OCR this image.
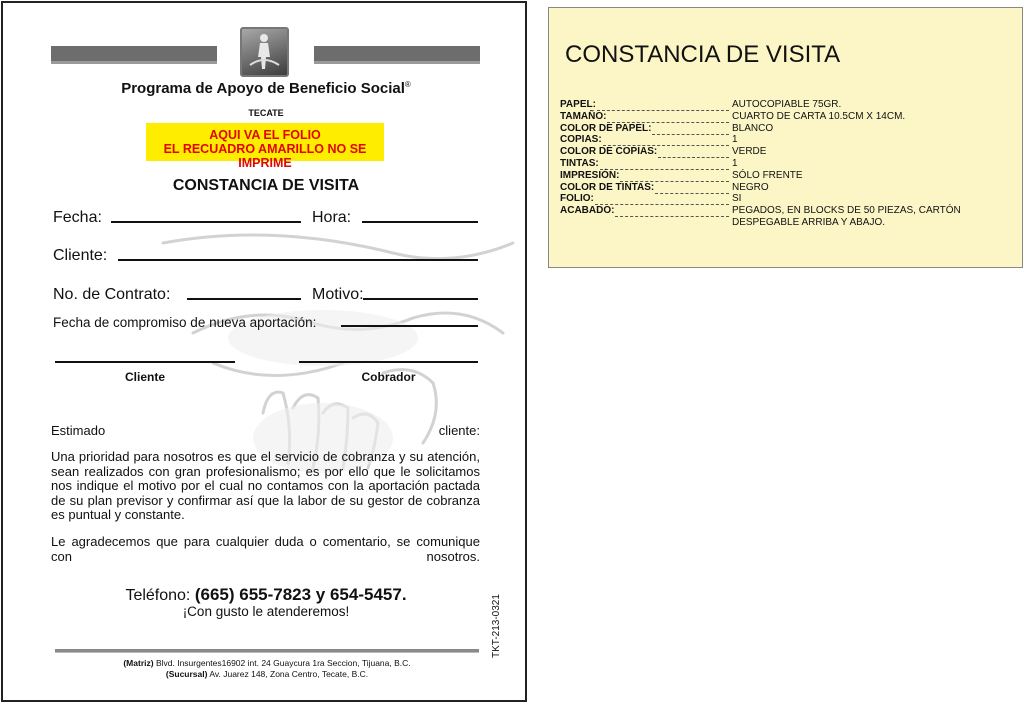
Programa de Apoyo de Beneficio Social®
TECATE
AQUI VA EL FOLIO
EL RECUADRO AMARILLO NO SE IMPRIME
CONSTANCIA DE VISITA
Fecha:	Hora:
Cliente:
No. de Contrato:	Motivo:
Fecha de compromiso de nueva aportación:
Cliente	Cobrador
Estimado	cliente:
Una prioridad para nosotros es que el servicio de cobranza y su atención, sean realizados con gran profesionalismo; es por ello que le solicitamos nos indique el motivo por el cual no contamos con la aportación pactada de su plan previsor y confirmar así que la labor de su gestor de cobranza es puntual y constante.
Le agradecemos que para cualquier duda o comentario, se comunique con nosotros.
Teléfono: (665) 655-7823 y 654-5457.
¡Con gusto le atenderemos!	TKT-213-0321
(Matriz) Blvd. Insurgentes16902 int. 24 Guaycura 1ra Seccion, Tijuana, B.C.
(Sucursal) Av. Juarez 148, Zona Centro, Tecate, B.C.
CONSTANCIA DE VISITA
PAPEL:	AUTOCOPIABLE 75GR.
TAMAÑO:	CUARTO DE CARTA 10.5CM X 14CM.
COLOR DE PAPEL:	BLANCO
COPIAS:	1
COLOR DE COPIAS:	VERDE
TINTAS:	1
IMPRESIÓN:	SÓLO FRENTE
COLOR DE TINTAS:	NEGRO
FOLIO:	SI
ACABADO:	PEGADOS, EN BLOCKS DE 50 PIEZAS, CARTÓN
DESPEGABLE ARRIBA Y ABAJO.
